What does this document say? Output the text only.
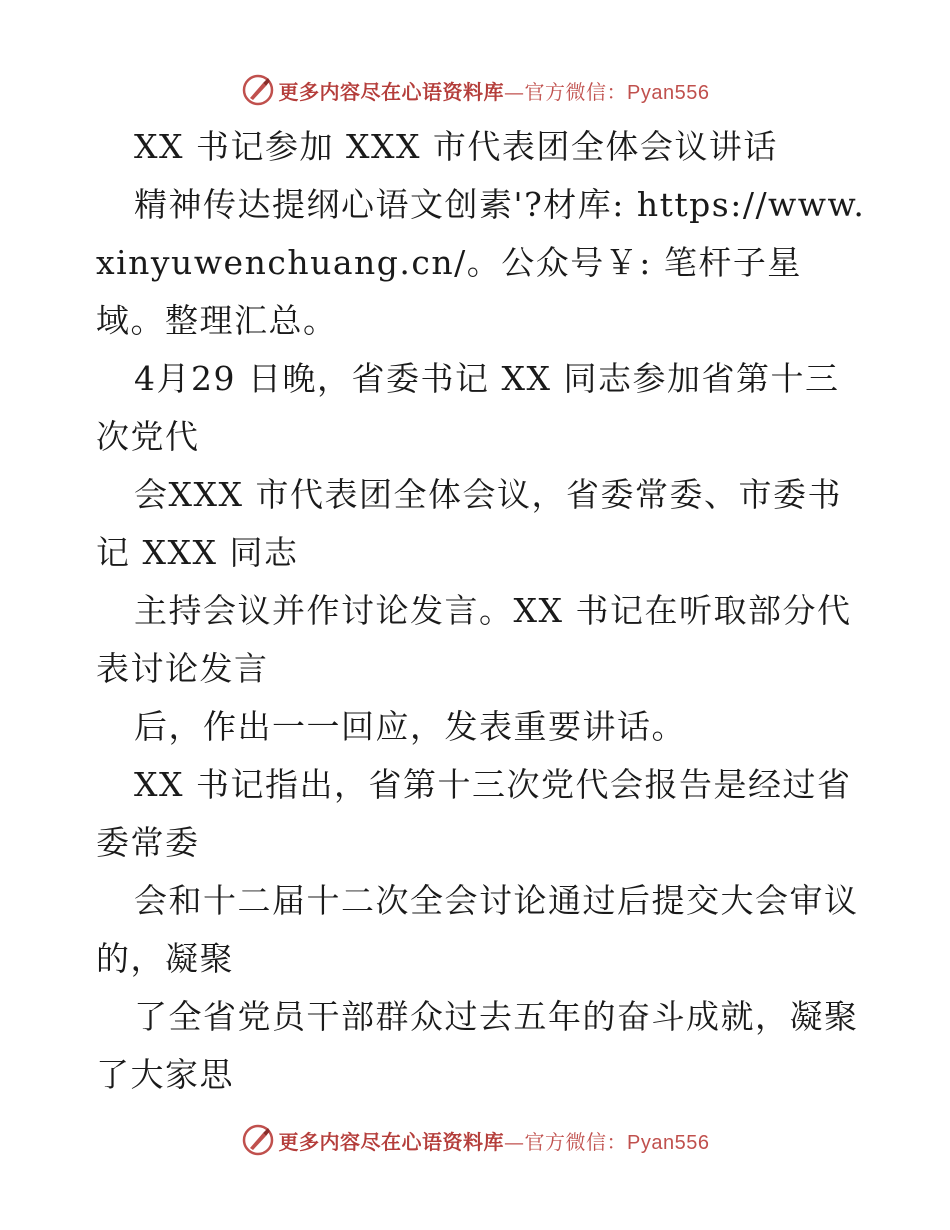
更多内容尽在心语资料库—官方微信：Pyan556

XX 书记参加 XXX 市代表团全体会议讲话

精神传达提纲心语文创素'?材库: https://www.xinyuwenchuang.cn/。公众号￥: 笔杆子星域。整理汇总。

4月29 日晚，省委书记 XX 同志参加省第十三次党代

会XXX 市代表团全体会议，省委常委、市委书记 XXX 同志

主持会议并作讨论发言。XX 书记在听取部分代表讨论发言

后，作出一一回应，发表重要讲话。

XX 书记指出，省第十三次党代会报告是经过省委常委

会和十二届十二次全会讨论通过后提交大会审议的，凝聚

了全省党员干部群众过去五年的奋斗成就，凝聚了大家思

更多内容尽在心语资料库—官方微信：Pyan556
